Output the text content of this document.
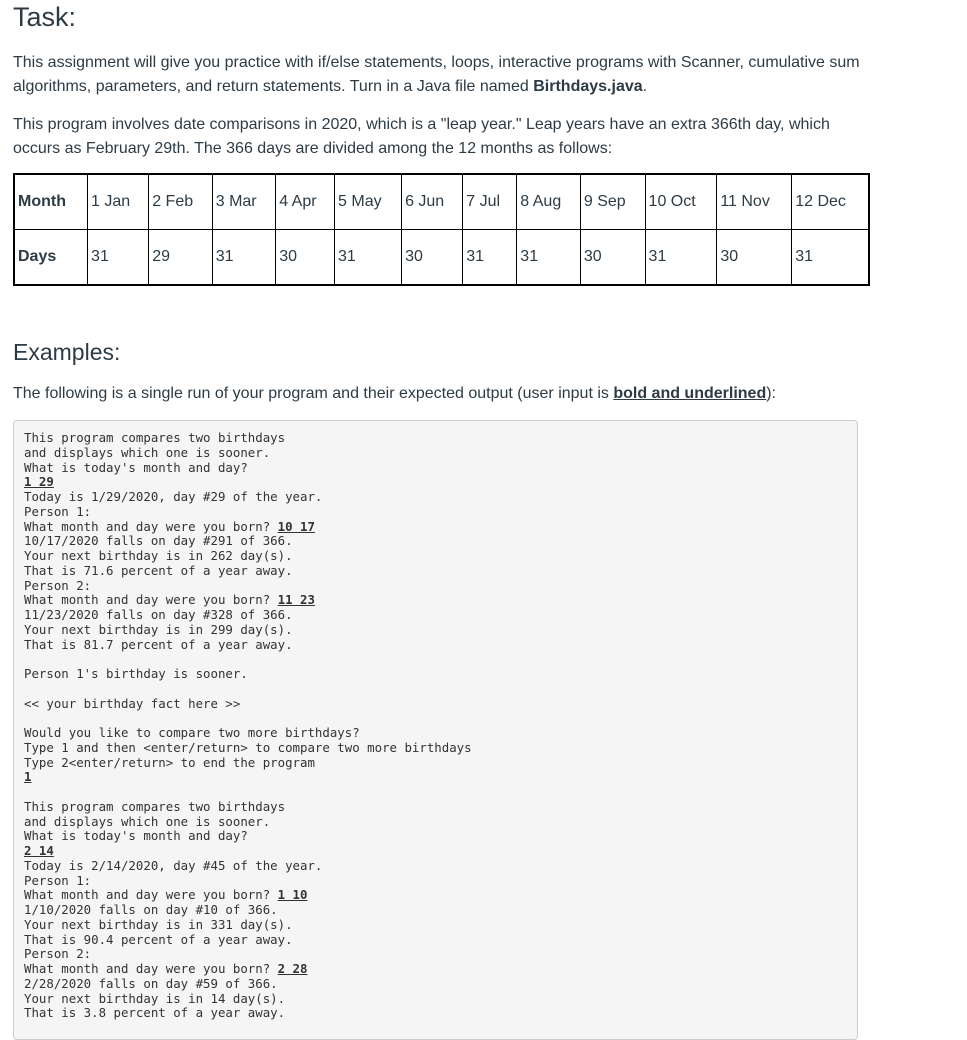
Task:

This assignment will give you practice with if/else statements, loops, interactive programs with Scanner, cumulative sum algorithms, parameters, and return statements. Turn in a Java file named Birthdays.java.

This program involves date comparisons in 2020, which is a "leap year." Leap years have an extra 366th day, which occurs as February 29th. The 366 days are divided among the 12 months as follows:

Month	1 Jan	2 Feb	3 Mar	4 Apr	5 May	6 Jun	7 Jul	8 Aug	9 Sep	10 Oct	11 Nov	12 Dec
Days	31	29	31	30	31	30	31	31	30	31	30	31
Examples:

The following is a single run of your program and their expected output (user input is bold and underlined):

This program compares two birthdays
and displays which one is sooner.
What is today's month and day?
1 29
Today is 1/29/2020, day #29 of the year.
Person 1:
What month and day were you born? 10 17
10/17/2020 falls on day #291 of 366.
Your next birthday is in 262 day(s).
That is 71.6 percent of a year away.
Person 2:
What month and day were you born? 11 23
11/23/2020 falls on day #328 of 366.
Your next birthday is in 299 day(s).
That is 81.7 percent of a year away.
Person 1's birthday is sooner.
<< your birthday fact here >>
Would you like to compare two more birthdays?
Type 1 and then <enter/return> to compare two more birthdays
Type 2<enter/return> to end the program
1
This program compares two birthdays
and displays which one is sooner.
What is today's month and day?
2 14
Today is 2/14/2020, day #45 of the year.
Person 1:
What month and day were you born? 1 10
1/10/2020 falls on day #10 of 366.
Your next birthday is in 331 day(s).
That is 90.4 percent of a year away.
Person 2:
What month and day were you born? 2 28
2/28/2020 falls on day #59 of 366.
Your next birthday is in 14 day(s).
That is 3.8 percent of a year away.
